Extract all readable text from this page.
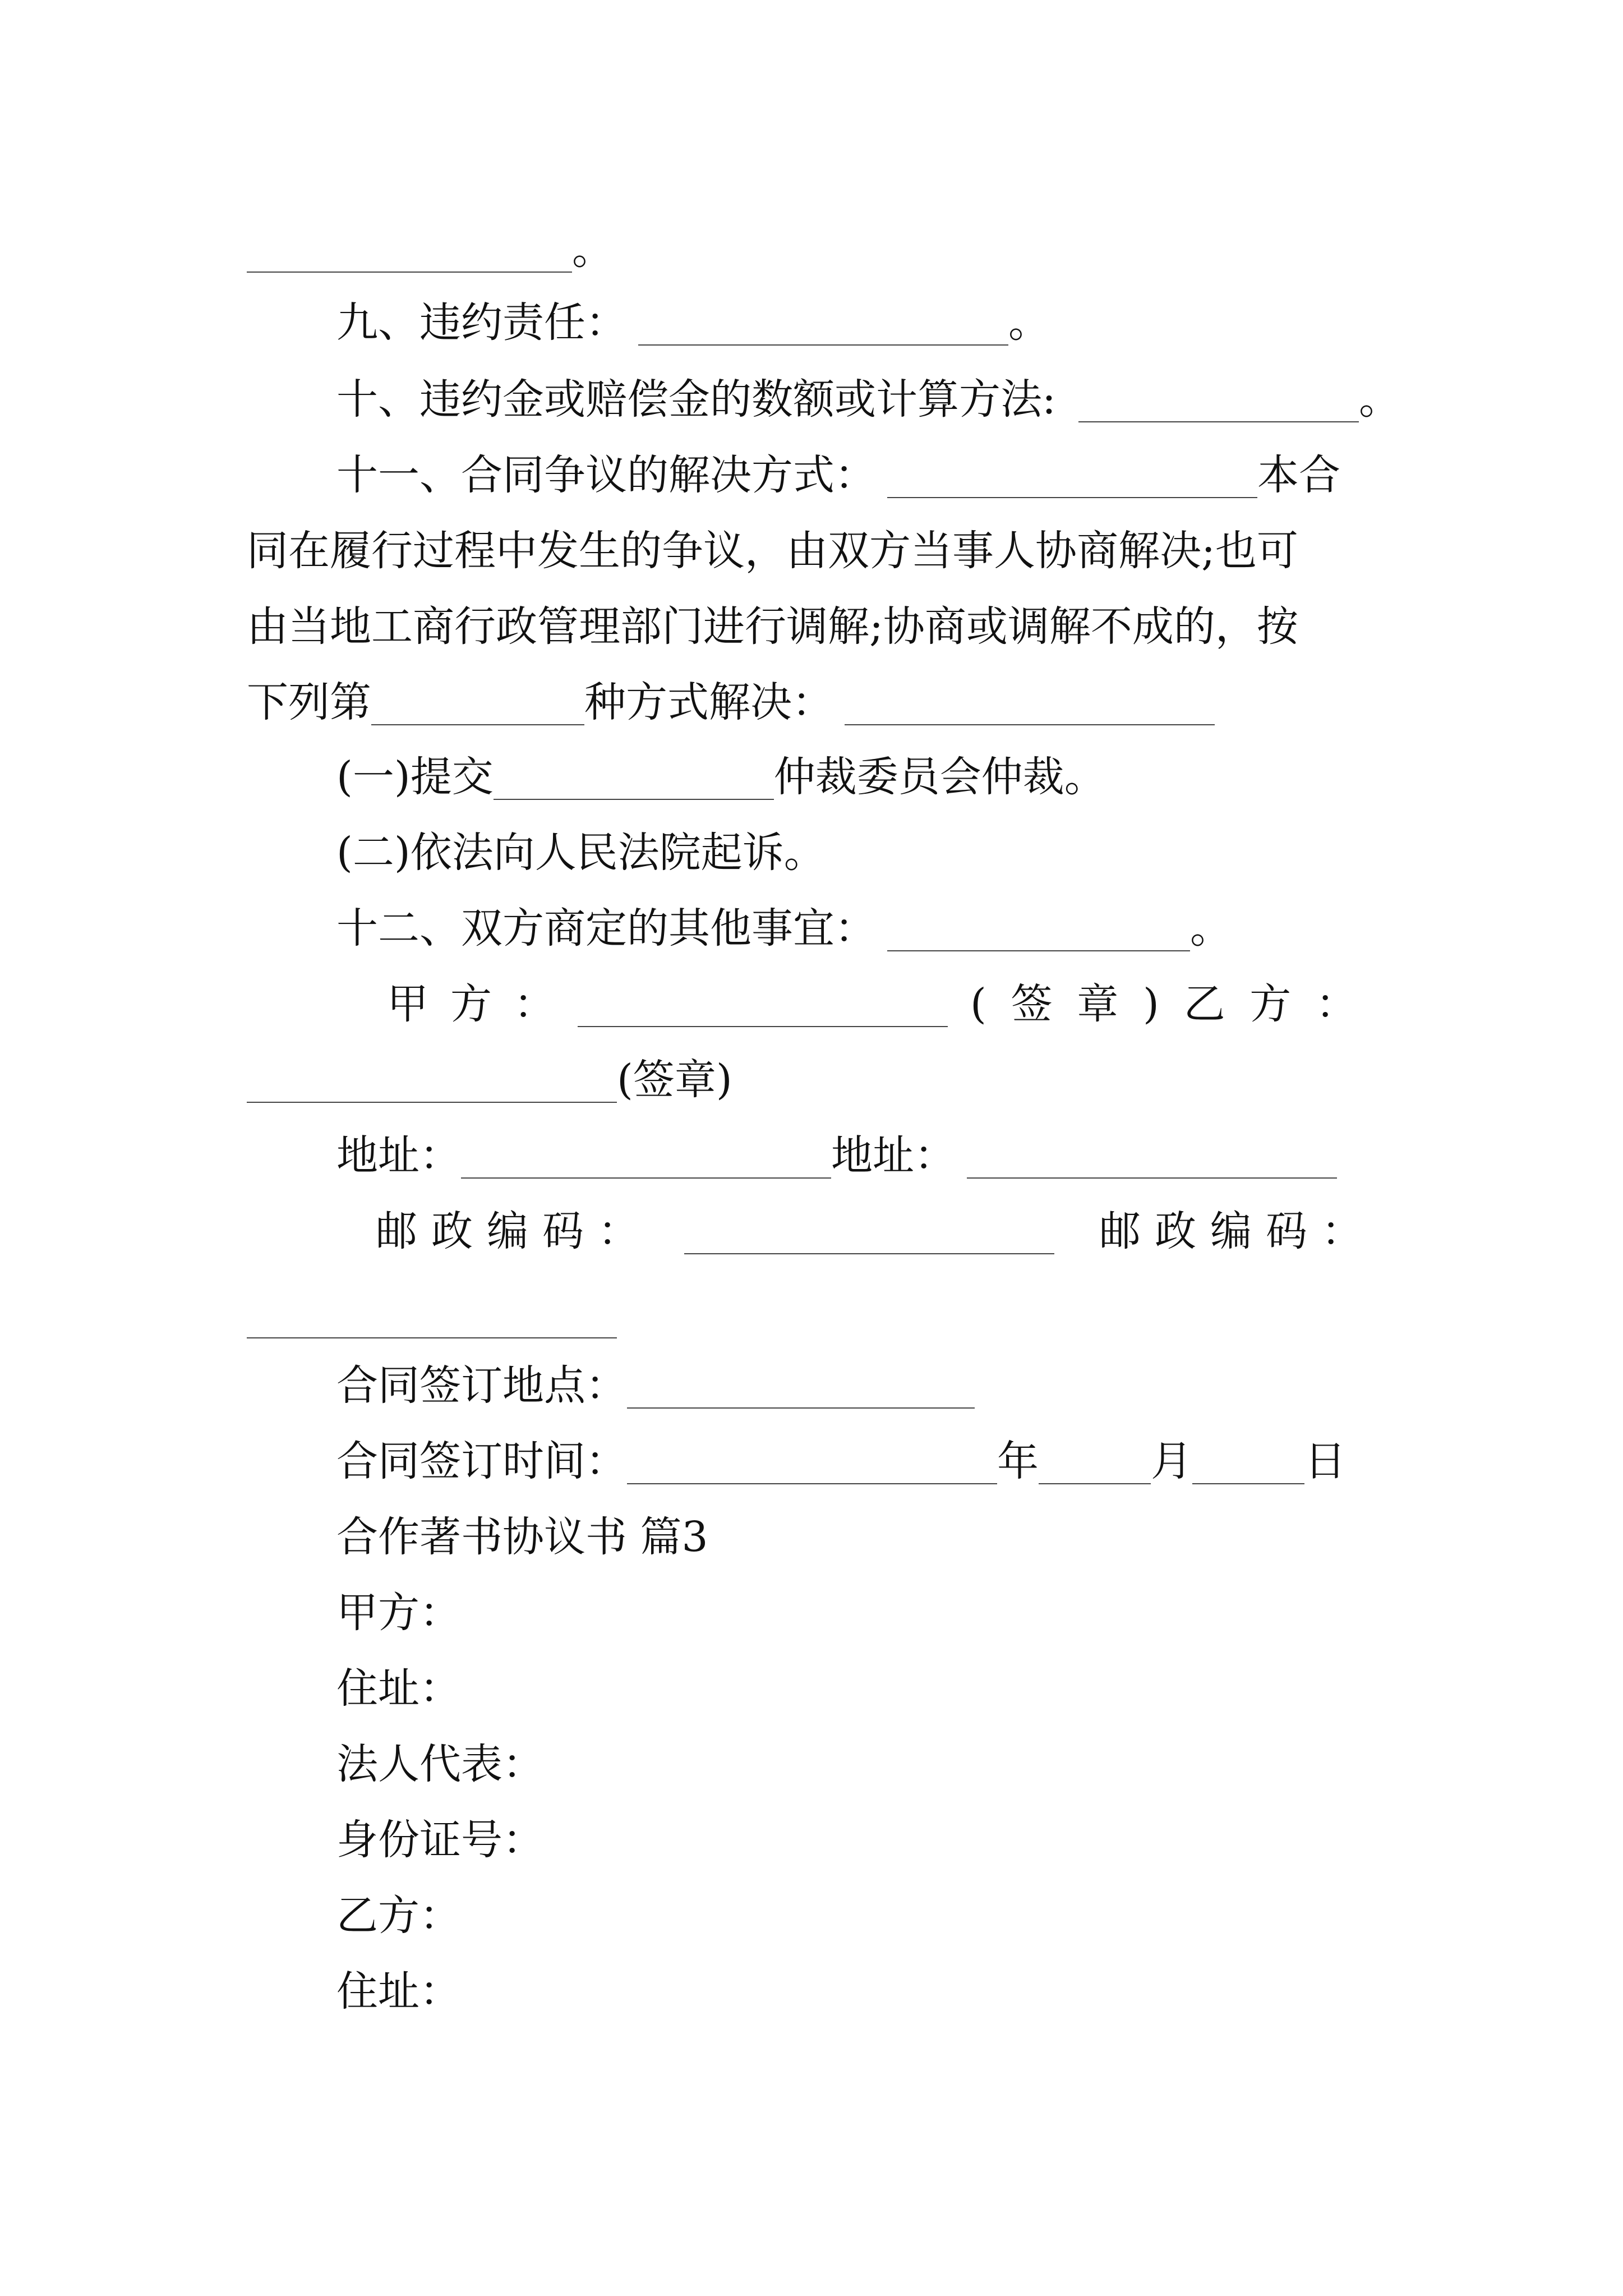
。
九、违约责任：	。
十、违约金或赔偿金的数额或计算方法:	。
十一、合同争议的解决方式：	本合
同在履行过程中发生的争议，由双方当事人协商解决;也可
由当地工商行政管理部门进行调解;协商或调解不成的，按
下列第	种方式解决：
(一)提交	仲裁委员会仲裁。
(二)依法向人民法院起诉。
十二、双方商定的其他事宜：	。
甲 方 ：	( 签 章 ) 乙 方 ：
(签章)
地址：	地址：
邮 政 编 码 ：	邮 政 编 码 ：
合同签订地点：
合同签订时间：	年	月	日
合作著书协议书 篇3
甲方：
住址：
法人代表：
身份证号：
乙方：
住址：
